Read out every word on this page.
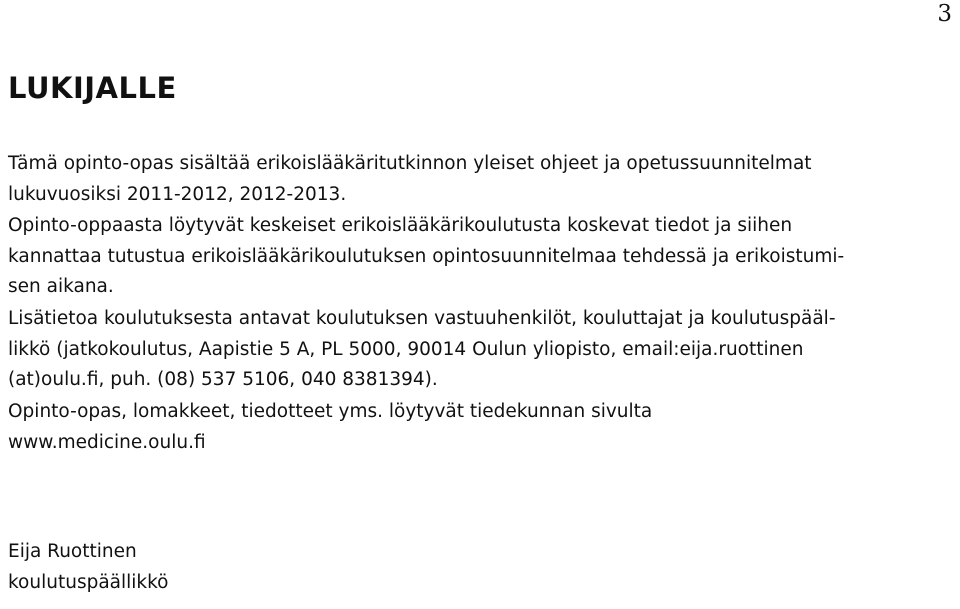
3
LUKIJALLE

Tämä opinto-opas sisältää erikoislääkäritutkinnon yleiset ohjeet ja opetussuunnitelmat
lukuvuosiksi 2011-2012, 2012-2013.

Opinto-oppaasta löytyvät keskeiset erikoislääkärikoulutusta koskevat tiedot ja siihen
kannattaa tutustua erikoislääkärikoulutuksen opintosuunnitelmaa tehdessä ja erikoistumi-
sen aikana.

Lisätietoa koulutuksesta antavat koulutuksen vastuuhenkilöt, kouluttajat ja koulutuspääl-
likkö (jatkokoulutus, Aapistie 5 A, PL 5000, 90014 Oulun yliopisto, email:eija.ruottinen
(at)oulu.fi, puh. (08) 537 5106, 040 8381394).

Opinto-opas, lomakkeet, tiedotteet yms. löytyvät tiedekunnan sivulta
www.medicine.oulu.fi

Eija Ruottinen
koulutuspäällikkö
